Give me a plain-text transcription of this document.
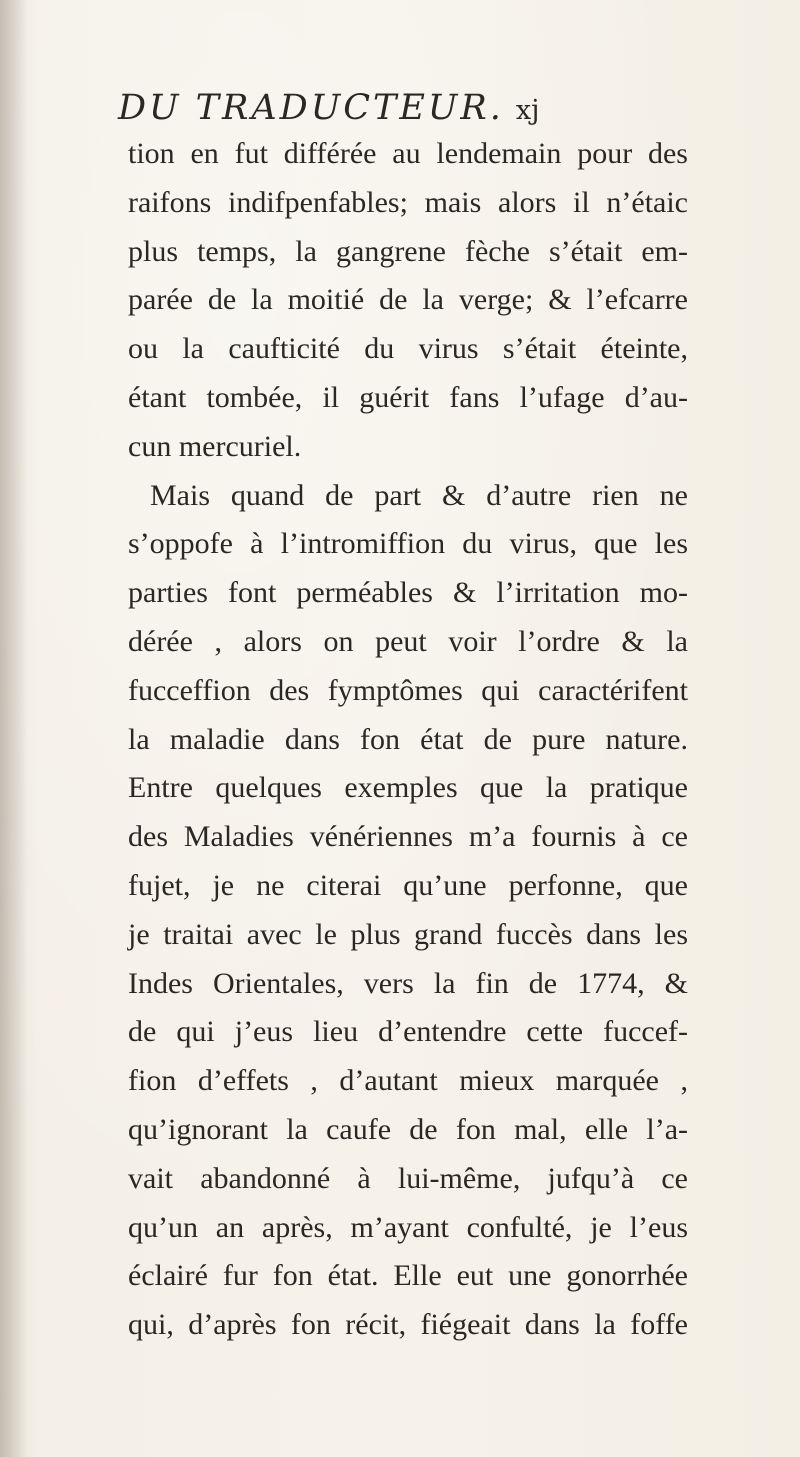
DU TRADUCTEUR. xj
tion en fut différée au lendemain pour des
raifons indifpenfables; mais alors il n’étaic
plus temps, la gangrene fèche s’était em-
parée de la moitié de la verge; & l’efcarre
ou la caufticité du virus s’était éteinte,
étant tombée, il guérit fans l’ufage d’au-
cun mercuriel.
Mais quand de part & d’autre rien ne
s’oppofe à l’intromiffion du virus, que les
parties font perméables & l’irritation mo-
dérée , alors on peut voir l’ordre & la
fucceffion des fymptômes qui caractérifent
la maladie dans fon état de pure nature.
Entre quelques exemples que la pratique
des Maladies vénériennes m’a fournis à ce
fujet, je ne citerai qu’une perfonne, que
je traitai avec le plus grand fuccès dans les
Indes Orientales, vers la fin de 1774, &
de qui j’eus lieu d’entendre cette fuccef-
fion d’effets , d’autant mieux marquée ,
qu’ignorant la caufe de fon mal, elle l’a-
vait abandonné à lui-même, jufqu’à ce
qu’un an après, m’ayant confulté, je l’eus
éclairé fur fon état. Elle eut une gonorrhée
qui, d’après fon récit, fiégeait dans la foffe
